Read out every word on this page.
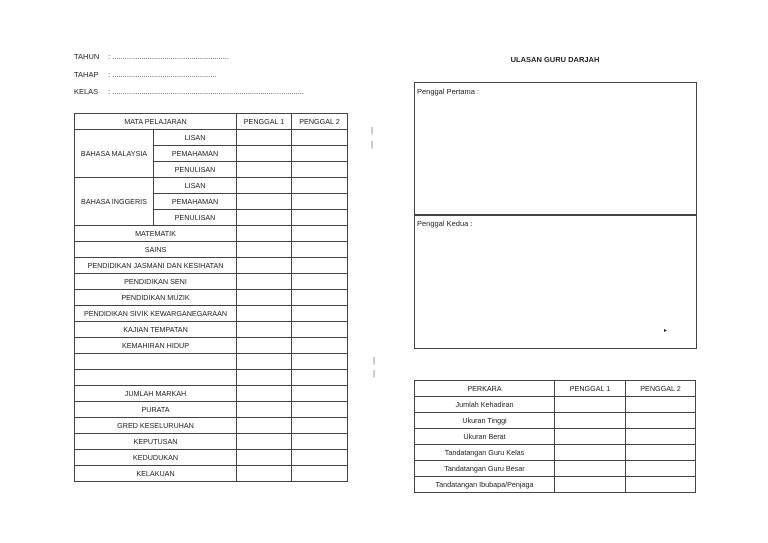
TAHUN : ........................................................
TAHAP : ..................................................
KELAS : ............................................................................................
MATA PELAJARAN		PENGGAL 1	PENGGAL 2
BAHASA MALAYSIA	LISAN		
	PEMAHAMAN		
	PENULISAN		
BAHASA INGGERIS	LISAN		
	PEMAHAMAN		
	PENULISAN		
MATEMATIK			
SAINS			
PENDIDIKAN JASMANI DAN KESIHATAN			
PENDIDIKAN SENI			
PENDIDIKAN MUZIK			
PENDIDIKAN SIVIK KEWARGANEGARAAN			
KAJIAN TEMPATAN			
KEMAHIRAN HIDUP			

JUMLAH MARKAH			
PURATA			
GRED KESELURUHAN			
KEPUTUSAN			
KEDUDUKAN			
KELAKUAN			
|
|
|
|
ULASAN GURU DARJAH
Penggal Pertama :
Penggal Kedua :
▸
PERKARA	PENGGAL 1	PENGGAL 2
Jumlah Kehadiran		
Ukuran Tinggi		
Ukuran Berat		
Tandatangan Guru Kelas		
Tandatangan Guru Besar		
Tandatangan Ibubapa/Penjaga		
